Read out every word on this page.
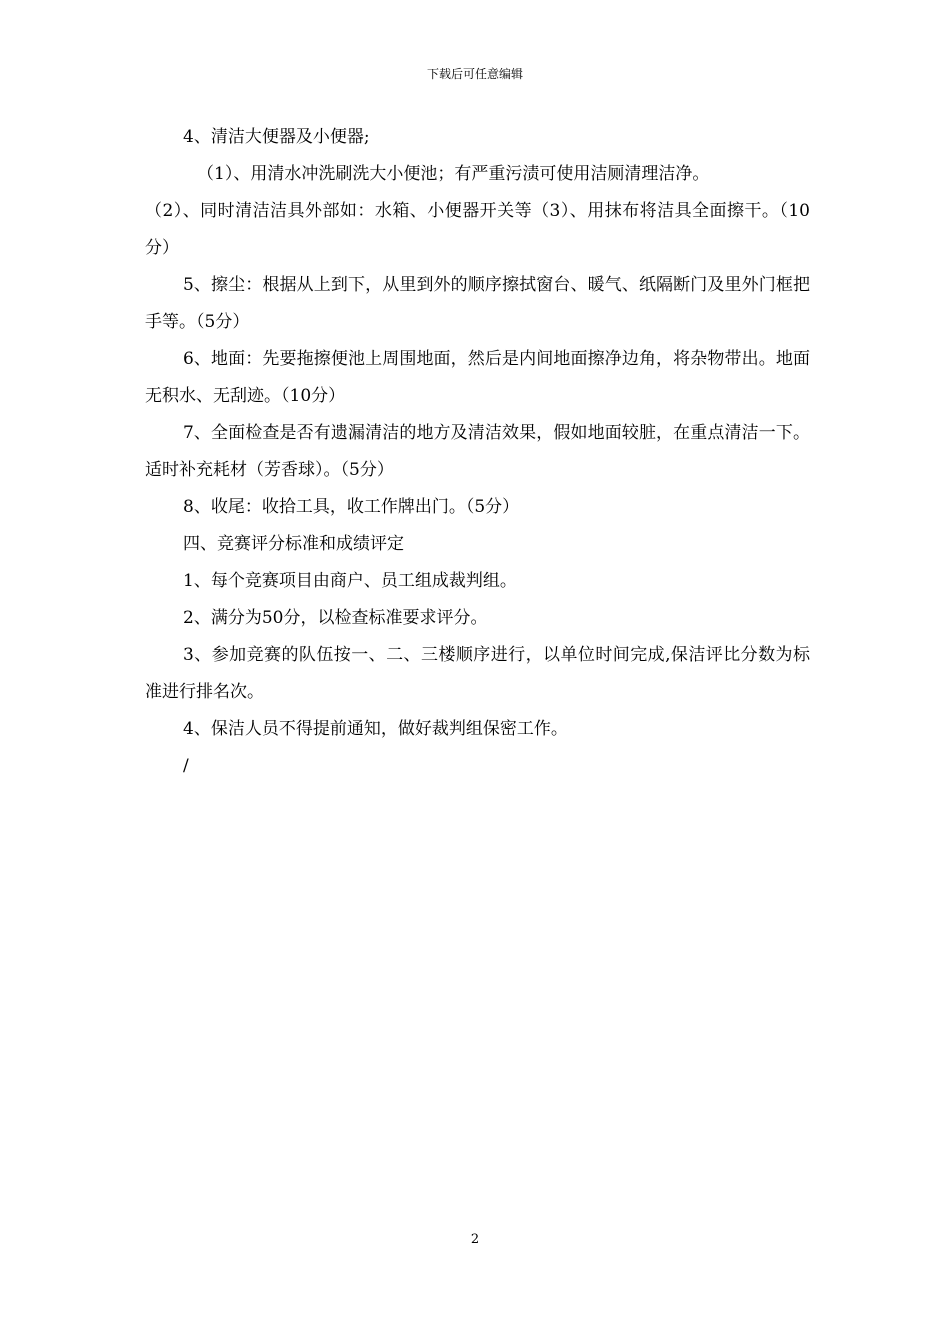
下载后可任意编辑

4、清洁大便器及小便器;

（1）、用清水冲洗刷洗大小便池；有严重污渍可使用洁厕清理洁净。

（2）、同时清洁洁具外部如：水箱、小便器开关等（3）、用抹布将洁具全面擦干。（10分）

5、擦尘：根据从上到下，从里到外的顺序擦拭窗台、暖气、纸隔断门及里外门框把手等。（5分）

6、地面：先要拖擦便池上周围地面，然后是内间地面擦净边角，将杂物带出。地面无积水、无刮迹。（10分）

7、全面检查是否有遗漏清洁的地方及清洁效果，假如地面较脏，在重点清洁一下。适时补充耗材（芳香球）。（5分）

8、收尾：收拾工具，收工作牌出门。（5分）

四、竞赛评分标准和成绩评定

1、每个竞赛项目由商户、员工组成裁判组。

2、满分为50分，以检查标准要求评分。

3、参加竞赛的队伍按一、二、三楼顺序进行，以单位时间完成,保洁评比分数为标准进行排名次。

4、保洁人员不得提前通知，做好裁判组保密工作。

/

2
